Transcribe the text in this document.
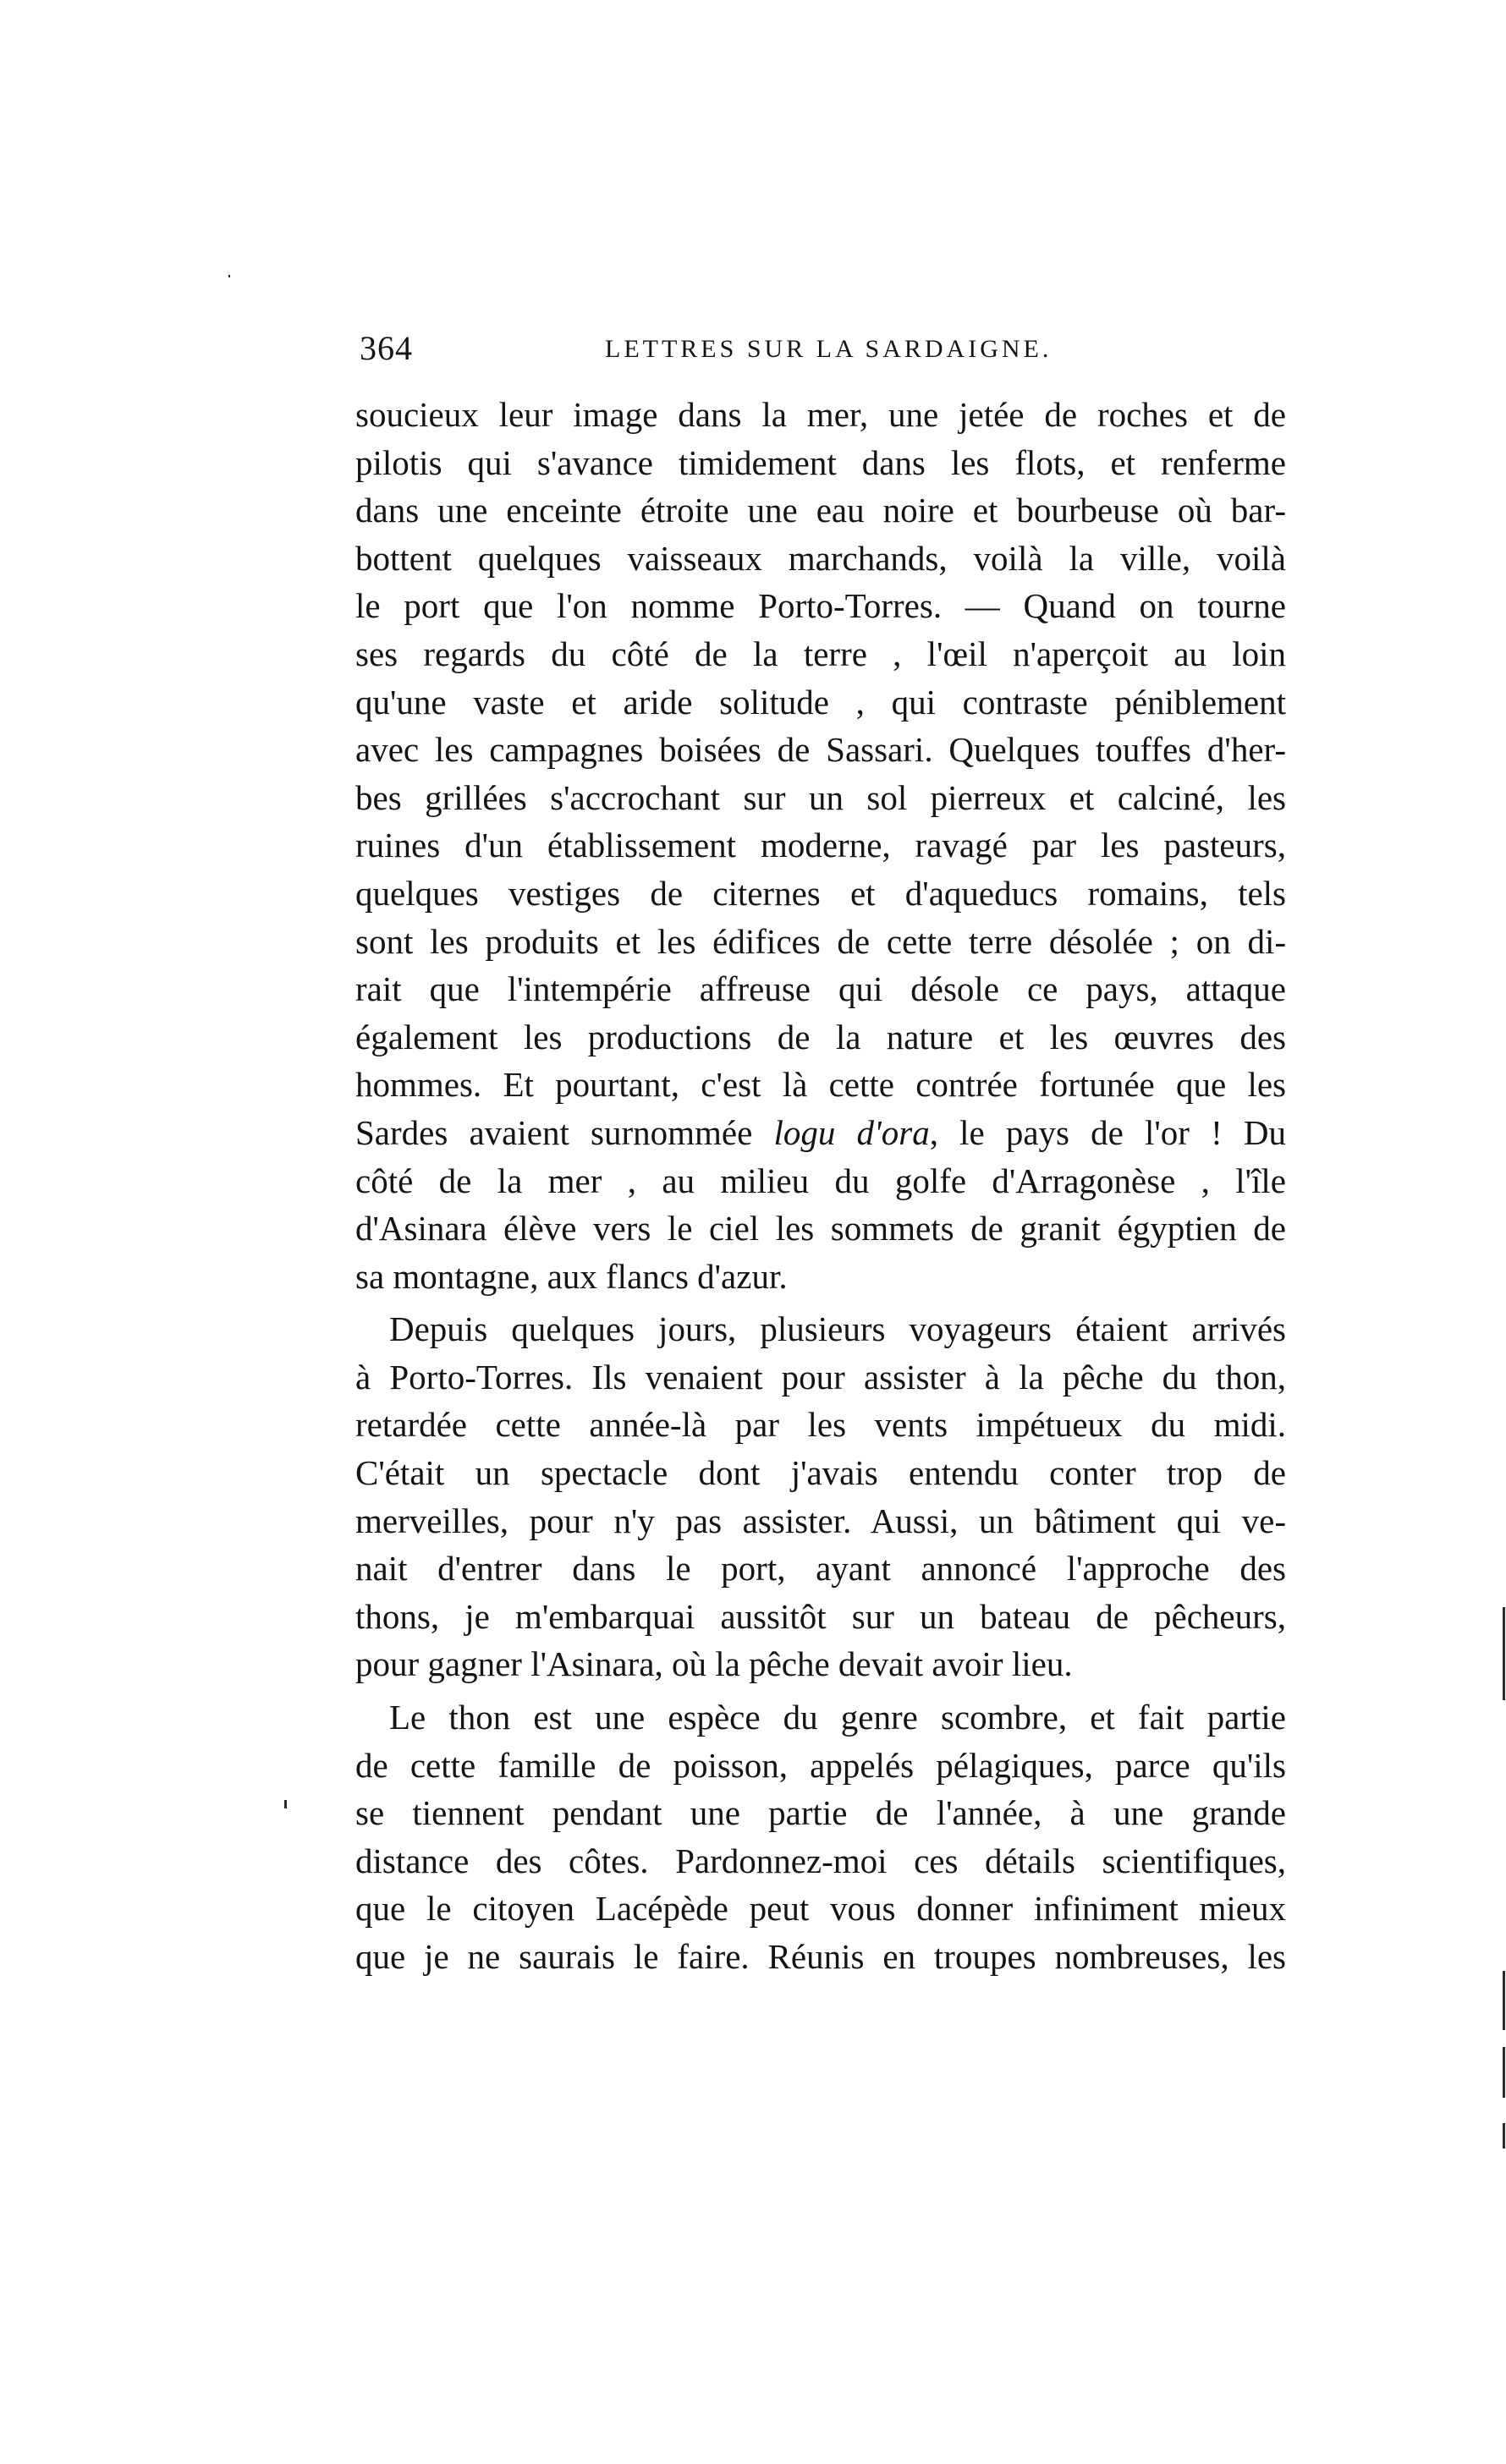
364	LETTRES SUR LA SARDAIGNE.
soucieux leur image dans la mer, une jetée de roches et de
pilotis qui s'avance timidement dans les flots, et renferme
dans une enceinte étroite une eau noire et bourbeuse où bar-
bottent quelques vaisseaux marchands, voilà la ville, voilà
le port que l'on nomme Porto-Torres. — Quand on tourne
ses regards du côté de la terre , l'œil n'aperçoit au loin
qu'une vaste et aride solitude , qui contraste péniblement
avec les campagnes boisées de Sassari. Quelques touffes d'her-
bes grillées s'accrochant sur un sol pierreux et calciné, les
ruines d'un établissement moderne, ravagé par les pasteurs,
quelques vestiges de citernes et d'aqueducs romains, tels
sont les produits et les édifices de cette terre désolée ; on di-
rait que l'intempérie affreuse qui désole ce pays, attaque
également les productions de la nature et les œuvres des
hommes. Et pourtant, c'est là cette contrée fortunée que les
Sardes avaient surnommée logu d'ora, le pays de l'or ! Du
côté de la mer , au milieu du golfe d'Arragonèse , l'île
d'Asinara élève vers le ciel les sommets de granit égyptien de
sa montagne, aux flancs d'azur.
Depuis quelques jours, plusieurs voyageurs étaient arrivés
à Porto-Torres. Ils venaient pour assister à la pêche du thon,
retardée cette année-là par les vents impétueux du midi.
C'était un spectacle dont j'avais entendu conter trop de
merveilles, pour n'y pas assister. Aussi, un bâtiment qui ve-
nait d'entrer dans le port, ayant annoncé l'approche des
thons, je m'embarquai aussitôt sur un bateau de pêcheurs,
pour gagner l'Asinara, où la pêche devait avoir lieu.
Le thon est une espèce du genre scombre, et fait partie
de cette famille de poisson, appelés pélagiques, parce qu'ils
se tiennent pendant une partie de l'année, à une grande
distance des côtes. Pardonnez-moi ces détails scientifiques,
que le citoyen Lacépède peut vous donner infiniment mieux
que je ne saurais le faire. Réunis en troupes nombreuses, les
